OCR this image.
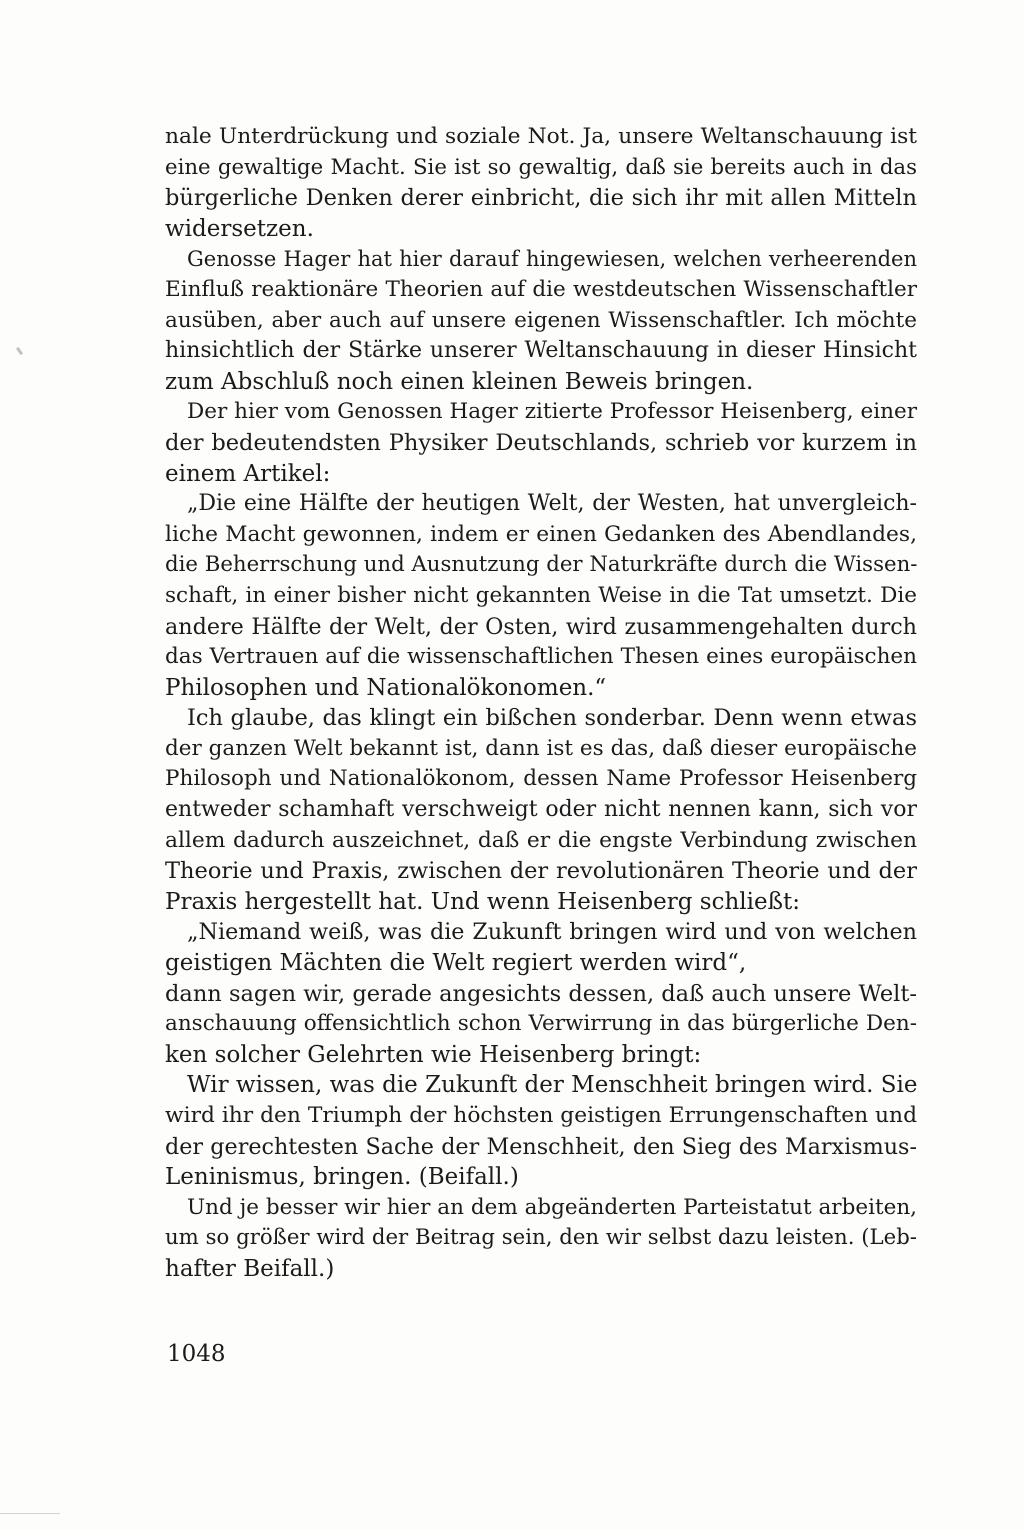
nale Unterdrückung und soziale Not. Ja, unsere Weltanschauung ist
eine gewaltige Macht. Sie ist so gewaltig, daß sie bereits auch in das
bürgerliche Denken derer einbricht, die sich ihr mit allen Mitteln
widersetzen.
Genosse Hager hat hier darauf hingewiesen, welchen verheerenden
Einfluß reaktionäre Theorien auf die westdeutschen Wissenschaftler
ausüben, aber auch auf unsere eigenen Wissenschaftler. Ich möchte
hinsichtlich der Stärke unserer Weltanschauung in dieser Hinsicht
zum Abschluß noch einen kleinen Beweis bringen.
Der hier vom Genossen Hager zitierte Professor Heisenberg, einer
der bedeutendsten Physiker Deutschlands, schrieb vor kurzem in
einem Artikel:
„Die eine Hälfte der heutigen Welt, der Westen, hat unvergleich-
liche Macht gewonnen, indem er einen Gedanken des Abendlandes,
die Beherrschung und Ausnutzung der Naturkräfte durch die Wissen-
schaft, in einer bisher nicht gekannten Weise in die Tat umsetzt. Die
andere Hälfte der Welt, der Osten, wird zusammengehalten durch
das Vertrauen auf die wissenschaftlichen Thesen eines europäischen
Philosophen und Nationalökonomen.“
Ich glaube, das klingt ein bißchen sonderbar. Denn wenn etwas
der ganzen Welt bekannt ist, dann ist es das, daß dieser europäische
Philosoph und Nationalökonom, dessen Name Professor Heisenberg
entweder schamhaft verschweigt oder nicht nennen kann, sich vor
allem dadurch auszeichnet, daß er die engste Verbindung zwischen
Theorie und Praxis, zwischen der revolutionären Theorie und der
Praxis hergestellt hat. Und wenn Heisenberg schließt:
„Niemand weiß, was die Zukunft bringen wird und von welchen
geistigen Mächten die Welt regiert werden wird“,
dann sagen wir, gerade angesichts dessen, daß auch unsere Welt-
anschauung offensichtlich schon Verwirrung in das bürgerliche Den-
ken solcher Gelehrten wie Heisenberg bringt:
Wir wissen, was die Zukunft der Menschheit bringen wird. Sie
wird ihr den Triumph der höchsten geistigen Errungenschaften und
der gerechtesten Sache der Menschheit, den Sieg des Marxismus-
Leninismus, bringen. (Beifall.)
Und je besser wir hier an dem abgeänderten Parteistatut arbeiten,
um so größer wird der Beitrag sein, den wir selbst dazu leisten. (Leb-
hafter Beifall.)
1048
